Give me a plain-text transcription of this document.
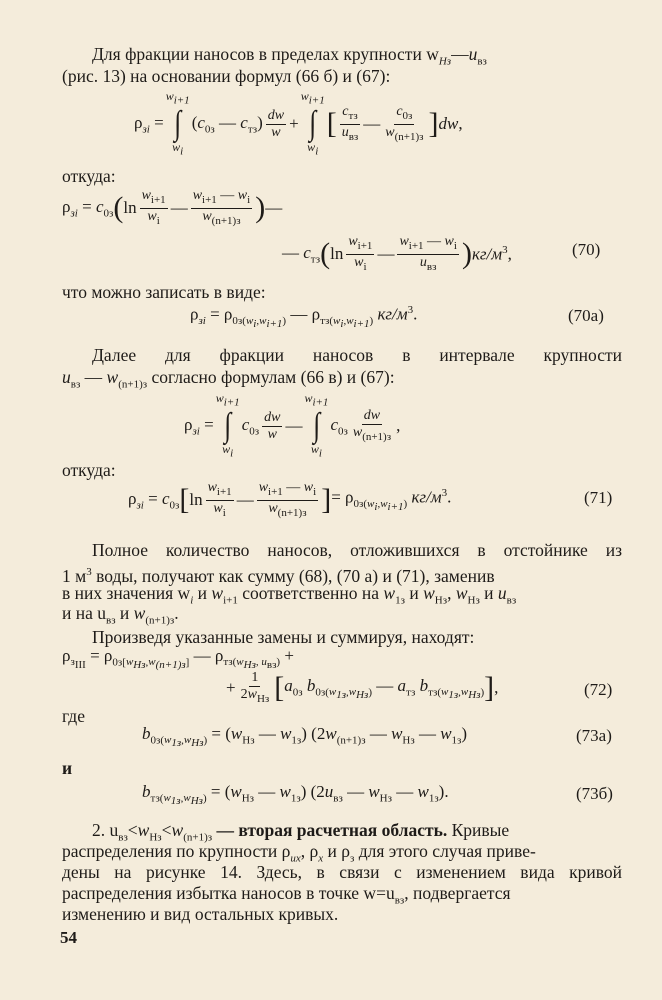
Для фракции наносов в пределах крупности $w_{Hз}—u_{вз}$
(рис. 13) на основании формул (66 б) и (67):
$\rho_{зi}$ =
$w_{i+1}$
∫
$w_i$
($c_{0з}$ — $c_{тз}) \frac{dw}{w}$ +
$w_{i+1}$
∫
$w_i$
[ $\frac{c_{тз}}{u_{вз}}$ — $\frac{c_{0з}}{w_{(n+1)з}}$ ] dw,
откуда:
$\rho_{зi} = c_{0з}$ ( $\ln \frac{w_{i+1}}{w_i}$ — $\frac{w_{i+1} — w_i}{w_{(n+1)з}}$ ) —
— $c_{тз}$ ( $\ln \frac{w_{i+1}}{w_i}$ — $\frac{w_{i+1} — w_i}{u_{вз}}$ ) $кг/м^3$,	(70)
что можно записать в виде:
$\rho_{зi} = \rho_{0з(w_i,w_{i+1})}$ — $\rho_{тз(w_i,w_{i+1})}$ $кг/м^3$.	(70а)
Далее для фракции наносов в интервале крупности
$u_{вз}$ — $w_{(n+1)з}$ согласно формулам (66 в) и (67):
$\rho_{зi}$ =
$w_{i+1}$
∫
$w_i$
$c_{0з} \frac{dw}{w}$ —
$w_{i+1}$
∫
$w_i$
$c_{0з} \frac{dw}{w_{(n+1)з}}$ ,
откуда:
$\rho_{зi} = c_{0з}$ [ $\ln \frac{w_{i+1}}{w_i}$ — $\frac{w_{i+1} — w_i}{w_{(n+1)з}}$ ] = $\rho_{0з(w_i,w_{i+1})}$ $кг/м^3$.	(71)
Полное количество наносов, отложившихся в отстойнике из
1 $м^3$ воды, получают как сумму (68), (70 а) и (71), заменив
в них значения $w_i$ и $w_{i+1}$ соответственно на $w_{1з}$ и $w_{Hз}$, $w_{Hз}$ и $u_{вз}$
и на $u_{вз}$ и $w_{(n+1)з}$.
Произведя указанные замены и суммируя, находят:
$\rho_{з_{III}} = \rho_{0з[w_{Hз},w_{(n+1)з}]}$ — $\rho_{тз(w_{Hз}, u_{вз})}$ +
+ $\frac{1}{2w_{Hз}}$ [ $a_{0з}$ $b_{0з(w_{1з},w_{Hз})}$ — $a_{тз}$ $b_{тз(w_{1з},w_{Hз})}$ ] ,	(72)
где
$b_{0з(w_{1з},w_{Hз})} = (w_{Hз}$ — $w_{1з}$) ($2w_{(n+1)з}$ — $w_{Hз}$ — $w_{1з}$)	(73а)
и
$b_{тз(w_{1з},w_{Hз})} = (w_{Hз}$ — $w_{1з}$) ($2u_{вз}$ — $w_{Hз}$ — $w_{1з}$).	(73б)
2. $u_{вз}<w_{Hз}<w_{(n+1)з}$ — вторая расчетная область. Кривые
распределения по крупности $\rho_{их}$, $\rho_x$ и $\rho_з$ для этого случая приве-
дены на рисунке 14. Здесь, в связи с изменением вида кривой
распределения избытка наносов в точке $w=u_{вз}$, подвергается
изменению и вид остальных кривых.
54
